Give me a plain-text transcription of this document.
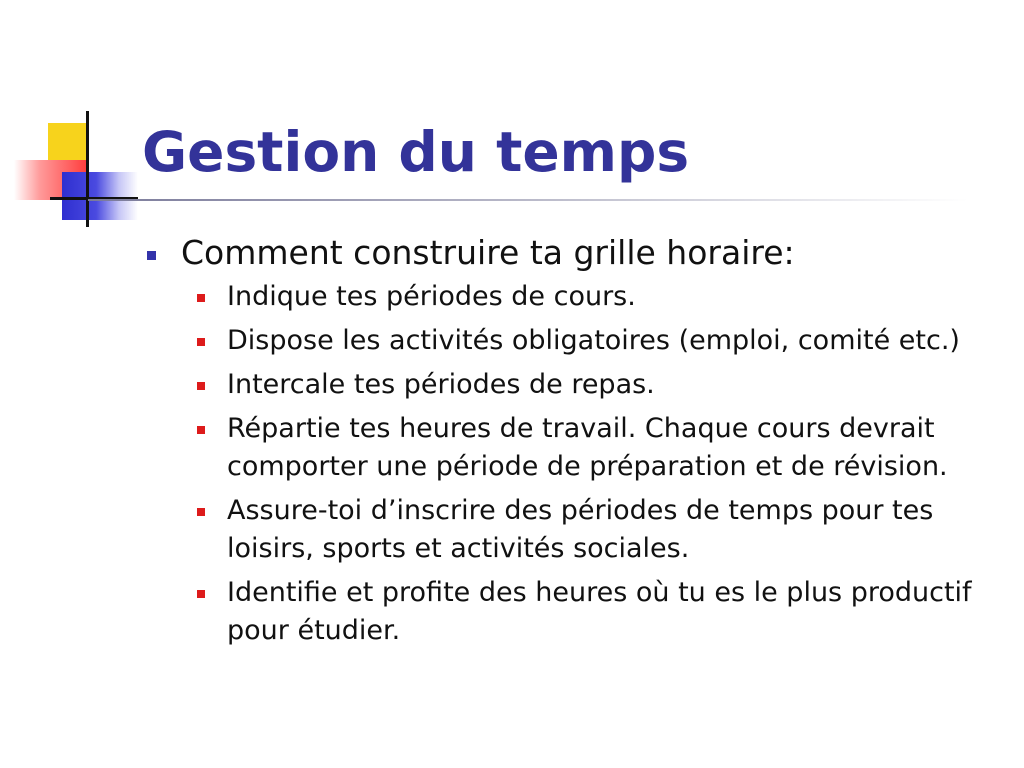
Gestion du temps

Comment construire ta grille horaire:

Indique tes périodes de cours.
Dispose les activités obligatoires (emploi, comité etc.)
Intercale tes périodes de repas.
Répartie tes heures de travail. Chaque cours devrait comporter une période de préparation et de révision.
Assure-toi d’inscrire des périodes de temps pour tes loisirs, sports et activités sociales.
Identifie et profite des heures où tu es le plus productif pour étudier.
